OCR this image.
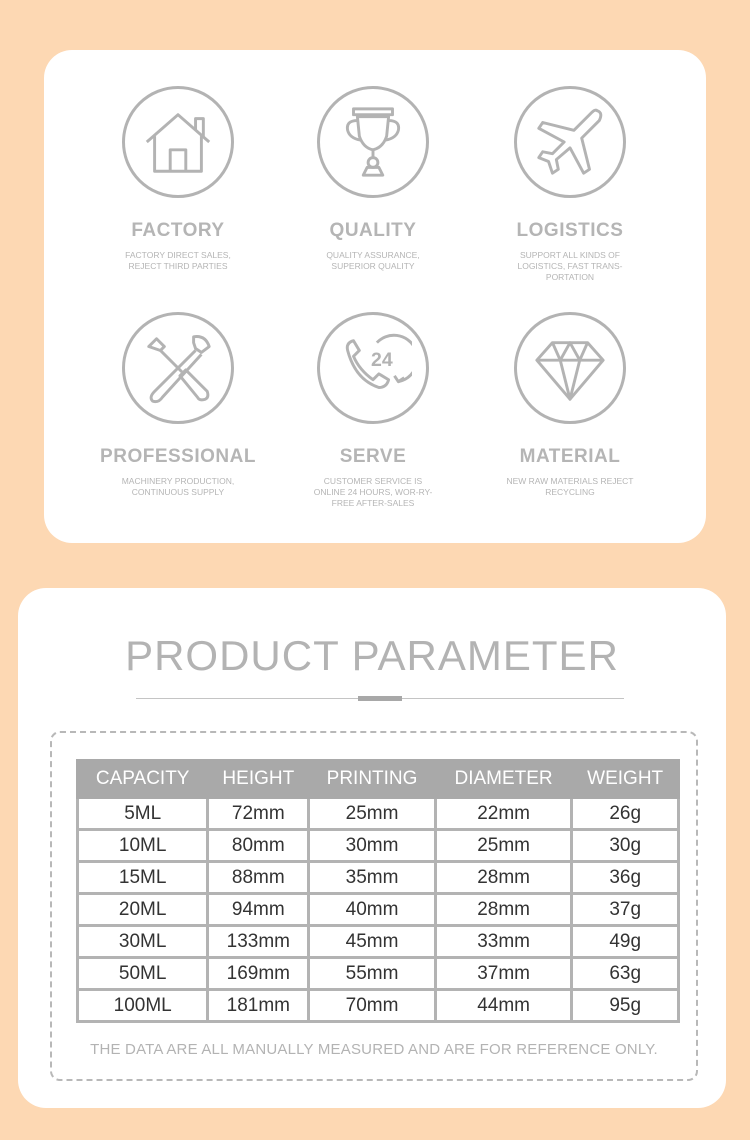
FACTORY
FACTORY DIRECT SALES, REJECT THIRD PARTIES
QUALITY
QUALITY ASSURANCE, SUPERIOR QUALITY
LOGISTICS
SUPPORT ALL KINDS OF LOGISTICS, FAST TRANS-PORTATION
PROFESSIONAL
MACHINERY PRODUCTION, CONTINUOUS SUPPLY
24
SERVE
CUSTOMER SERVICE IS ONLINE 24 HOURS, WOR-RY-FREE AFTER-SALES
MATERIAL
NEW RAW MATERIALS REJECT RECYCLING
PRODUCT PARAMETER
CAPACITY	HEIGHT	PRINTING	DIAMETER	WEIGHT
5ML	72mm	25mm	22mm	26g
10ML	80mm	30mm	25mm	30g
15ML	88mm	35mm	28mm	36g
20ML	94mm	40mm	28mm	37g
30ML	133mm	45mm	33mm	49g
50ML	169mm	55mm	37mm	63g
100ML	181mm	70mm	44mm	95g
THE DATA ARE ALL MANUALLY MEASURED AND ARE FOR REFERENCE ONLY.
